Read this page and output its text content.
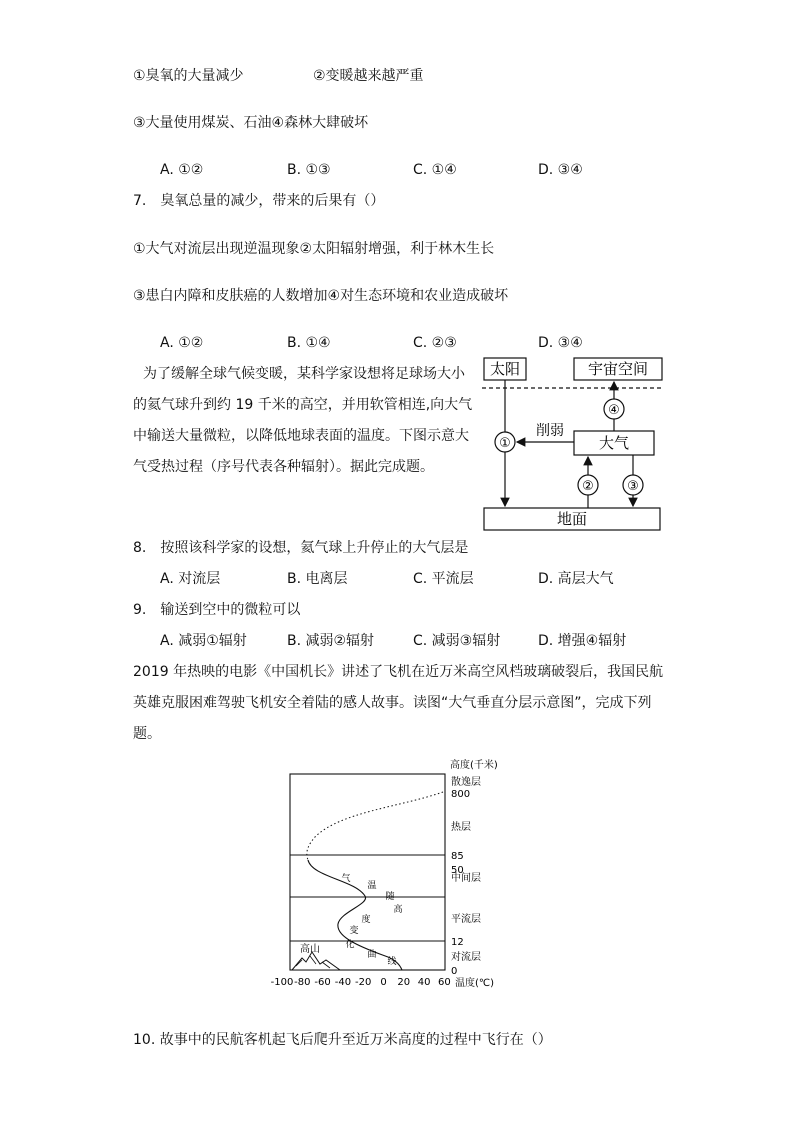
①臭氧的大量减少	②变暖越来越严重
③大量使用煤炭、石油④森林大肆破坏
A. ①②	B. ①③	C. ①④	D. ③④
7.　臭氧总量的减少，带来的后果有（）
①大气对流层出现逆温现象②太阳辐射增强，利于林木生长
③患白内障和皮肤癌的人数增加④对生态环境和农业造成破坏
A. ①②	B. ①④	C. ②③	D. ③④
为了缓解全球气候变暖，某科学家设想将足球场大小
的氦气球升到约 19 千米的高空，并用软管相连,向大气
中输送大量微粒，以降低地球表面的温度。下图示意大
气受热过程（序号代表各种辐射）。据此完成题。
太阳	宇宙空间
大气
地面
①
削弱
④
②	③
8.　按照该科学家的设想，氦气球上升停止的大气层是
A. 对流层	B. 电离层	C. 平流层	D. 高层大气
9.　输送到空中的微粒可以
A. 减弱①辐射	B. 减弱②辐射	C. 减弱③辐射	D. 增强④辐射
2019 年热映的电影《中国机长》讲述了飞机在近万米高空风档玻璃破裂后，我国民航
英雄克服困难驾驶飞机安全着陆的感人故事。读图“大气垂直分层示意图”，完成下列
题。
高山
气
温
随
高
度
变
化
曲
线
高度(千米)
800
85
50
12
0
散逸层
热层
中间层
平流层
对流层
-100 -80 -60 -40 -20 0 20 40 60 温度(℃)
10. 故事中的民航客机起飞后爬升至近万米高度的过程中飞行在（）
